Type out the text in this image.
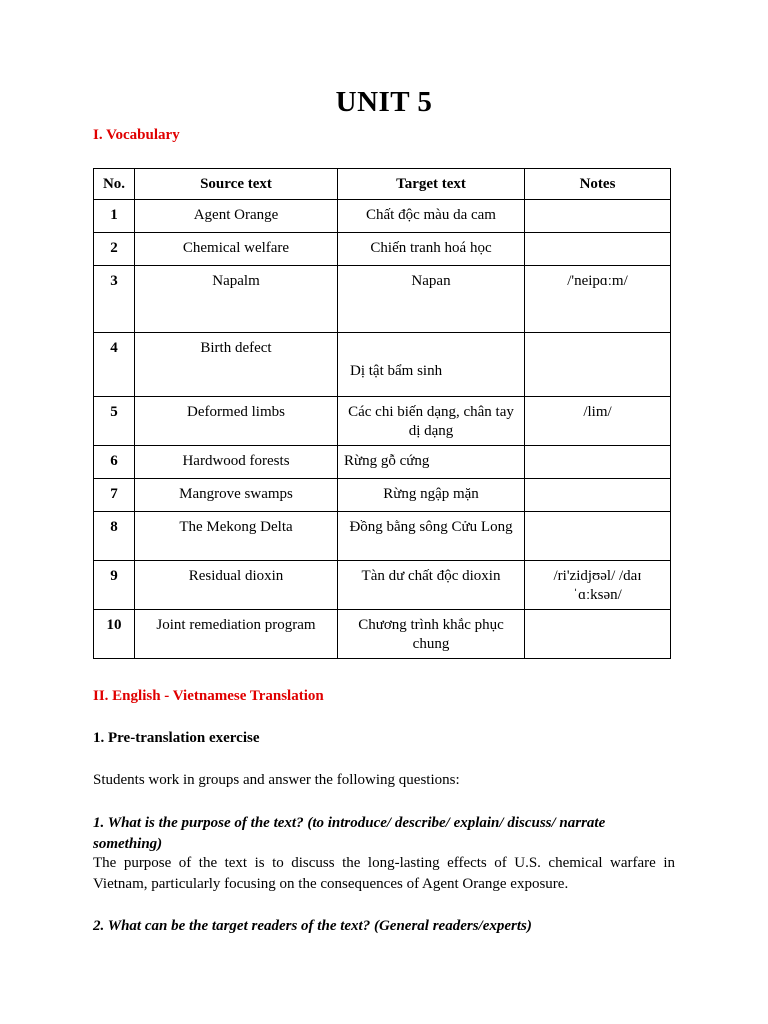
UNIT 5
I. Vocabulary
No.	Source text	Target text	Notes
1	Agent Orange	Chất độc màu da cam	
2	Chemical welfare	Chiến tranh hoá học	
3	Napalm	Napan	/'neipɑːm/
4	Birth defect	Dị tật bẩm sinh	

5	Deformed limbs	Các chi biến dạng, chân tay dị dạng	/lim/
6	Hardwood forests	Rừng gỗ cứng	
7	Mangrove swamps	Rừng ngập mặn	
8	The Mekong Delta	Đồng bằng sông Cửu Long	
9	Residual dioxin	Tàn dư chất độc dioxin	/ri'zidjʊəl/ /daɪ ˈɑːksən/
10	Joint remediation program	Chương trình khắc phục chung	
II. English - Vietnamese Translation
1. Pre-translation exercise
Students work in groups and answer the following questions:
1. What is the purpose of the text? (to introduce/ describe/ explain/ discuss/ narrate something)
The purpose of the text is to discuss the long-lasting effects of U.S. chemical warfare in Vietnam, particularly focusing on the consequences of Agent Orange exposure.
2. What can be the target readers of the text? (General readers/experts)
